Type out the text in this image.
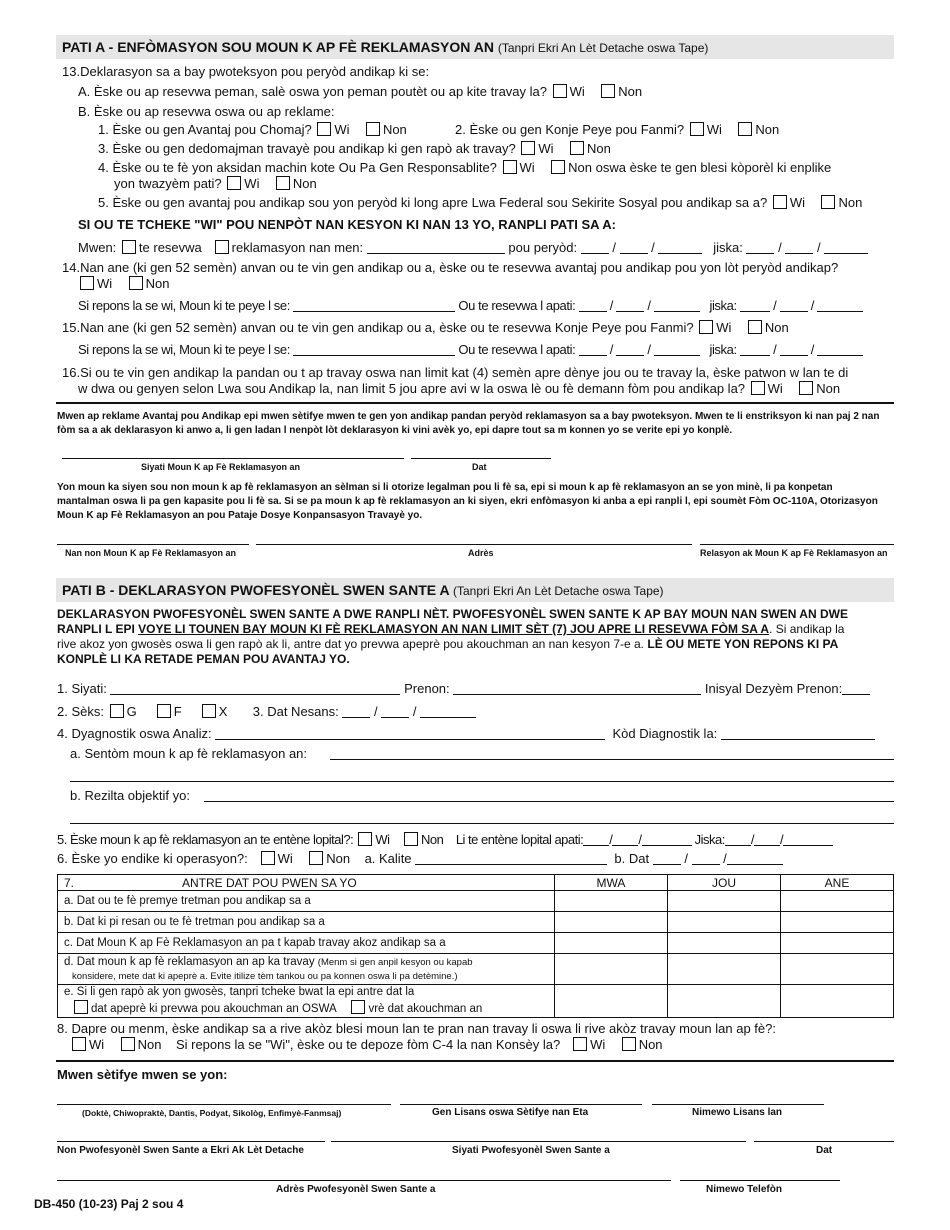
PATI A - ENFÒMASYON SOU MOUN K AP FÈ REKLAMASYON AN (Tanpri Ekri An Lèt Detache oswa Tape)
13.Deklarasyon sa a bay pwoteksyon pou peryòd andikap ki se:
A. Èske ou ap resevwa peman, salè oswa yon peman poutèt ou ap kite travay la? Wi	Non
B. Èske ou ap resevwa oswa ou ap reklame:
1. Èske ou gen Avantaj pou Chomaj? Wi	Non	2. Èske ou gen Konje Peye pou Fanmi? Wi	Non
3. Èske ou gen dedomajman travayè pou andikap ki gen rapò ak travay? Wi	Non
4. Èske ou te fè yon aksidan machin kote Ou Pa Gen Responsablite? Wi	Non oswa èske te gen blesi kòporèl ki enplike
yon twazyèm pati? Wi	Non
5. Èske ou gen avantaj pou andikap sou yon peryòd ki long apre Lwa Federal sou Sekirite Sosyal pou andikap sa a? Wi	Non
SI OU TE TCHEKE "WI" POU NENPÒT NAN KESYON KI NAN 13 YO, RANPLI PATI SA A:
Mwen: te resevwa reklamasyon nan men:	pou peryòd:  /  /	jiska:  /  /
14.Nan ane (ki gen 52 semèn) anvan ou te vin gen andikap ou a, èske ou te resevwa avantaj pou andikap pou yon lòt peryòd andikap?
Wi	Non
Si repons la se wi, Moun ki te peye l se:	Ou te resevwa l apati:  /  /	jiska:	/  /
15.Nan ane (ki gen 52 semèn) anvan ou te vin gen andikap ou a, èske ou te resevwa Konje Peye pou Fanmi? Wi	Non
Si repons la se wi, Moun ki te peye l se:	Ou te resevwa l apati:  /  /	jiska:	/  /
16.Si ou te vin gen andikap la pandan ou t ap travay oswa nan limit kat (4) semèn apre dènye jou ou te travay la, èske patwon w lan te di
w dwa ou genyen selon Lwa sou Andikap la, nan limit 5 jou apre avi w la oswa lè ou fè demann fòm pou andikap la? Wi	Non
Mwen ap reklame Avantaj pou Andikap epi mwen sètifye mwen te gen yon andikap pandan peryòd reklamasyon sa a bay pwoteksyon. Mwen te li enstriksyon ki nan paj 2 nan
fòm sa a ak deklarasyon ki anwo a, li gen ladan l nenpòt lòt deklarasyon ki vini avèk yo, epi dapre tout sa m konnen yo se verite epi yo konplè.
Siyati Moun K ap Fè Reklamasyon an	Dat
Yon moun ka siyen sou non moun k ap fè reklamasyon an sèlman si li otorize legalman pou li fè sa, epi si moun k ap fè reklamasyon an se yon minè, li pa konpetan
mantalman oswa li pa gen kapasite pou li fè sa. Si se pa moun k ap fè reklamasyon an ki siyen, ekri enfòmasyon ki anba a epi ranpli l, epi soumèt Fòm OC-110A, Otorizasyon
Moun K ap Fè Reklamasyon an pou Pataje Dosye Konpansasyon Travayè yo.
Nan non Moun K ap Fè Reklamasyon an	Adrès	Relasyon ak Moun K ap Fè Reklamasyon an
PATI B - DEKLARASYON PWOFESYONÈL SWEN SANTE A (Tanpri Ekri An Lèt Detache oswa Tape)
DEKLARASYON PWOFESYONÈL SWEN SANTE A DWE RANPLI NÈT. PWOFESYONÈL SWEN SANTE K AP BAY MOUN NAN SWEN AN DWE
RANPLI L EPI VOYE LI TOUNEN BAY MOUN KI FÈ REKLAMASYON AN NAN LIMIT SÈT (7) JOU APRE LI RESEVWA FÒM SA A. Si andikap la
rive akoz yon gwosès oswa li gen rapò ak li, antre dat yo prevwa apeprè pou akouchman an nan kesyon 7-e a. LÈ OU METE YON REPONS KI PA
KONPLÈ LI KA RETADE PEMAN POU AVANTAJ YO.
1. Siyati:	Prenon:	Inisyal Dezyèm Prenon:
2. Sèks: G	F	X 3. Dat Nesans:  /  /
4. Dyagnostik oswa Analiz:	Kòd Diagnostik la:
a. Sentòm moun k ap fè reklamasyon an:
b. Rezilta objektif yo:
5. Èske moun k ap fè reklamasyon an te entène lopital?: Wi Non Li te entène lopital apati: / /	Jiska: / /
6. Èske yo endike ki operasyon?: Wi	Non a. Kalite	b. Dat  /  /
7. ANTRE DAT POU PWEN SA YO	MWA	JOU	ANE
a. Dat ou te fè premye tretman pou andikap sa a			
b. Dat ki pi resan ou te fè tretman pou andikap sa a			
c. Dat Moun K ap Fè Reklamasyon an pa t kapab travay akoz andikap sa a			

d. Dat moun k ap fè reklamasyon an ap ka travay (Menm si gen anpil kesyon ou kapab
konsidere, mete dat ki apeprè a. Evite itilize tèm tankou ou pa konnen oswa li pa detèmine.)			

e. Si li gen rapò ak yon gwosès, tanpri tcheke bwat la epi antre dat la
dat apeprè ki prevwa pou akouchman an OSWA vrè dat akouchman an			

8. Dapre ou menm, èske andikap sa a rive akòz blesi moun lan te pran nan travay li oswa li rive akòz travay moun lan ap fè?:
Wi	Non Si repons la se "Wi", èske ou te depoze fòm C-4 la nan Konsèy la? Wi	Non
Mwen sètifye mwen se yon:
(Doktè, Chiwopraktè, Dantis, Podyat, Sikològ, Enfimyè-Fanmsaj)	Gen Lisans oswa Sètifye nan Eta	Nimewo Lisans lan
Non Pwofesyonèl Swen Sante a Ekri Ak Lèt Detache	Siyati Pwofesyonèl Swen Sante a	Dat
Adrès Pwofesyonèl Swen Sante a	Nimewo Telefòn
DB-450 (10-23) Paj 2 sou 4
